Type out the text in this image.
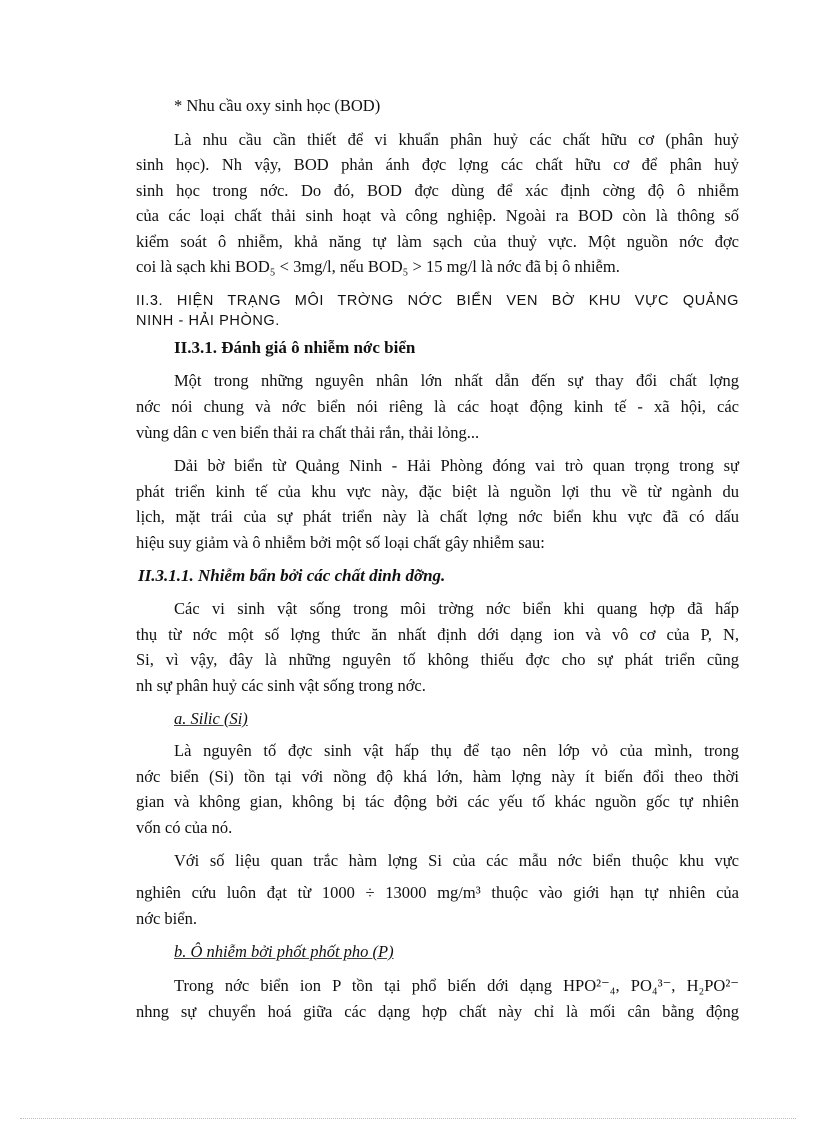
* Nhu cầu oxy sinh học (BOD)
Là nhu cầu cần thiết để vi khuẩn phân huỷ các chất hữu cơ (phân huỷ
sinh học). Nh vậy, BOD phản ánh đợc lợng các chất hữu cơ để phân huỷ
sinh học trong nớc. Do đó, BOD đợc dùng để xác định cờng độ ô nhiễm
của các loại chất thải sinh hoạt và công nghiệp. Ngoài ra BOD còn là thông số
kiểm soát ô nhiễm, khả năng tự làm sạch của thuỷ vực. Một nguồn nớc đợc
coi là sạch khi BOD₅ < 3mg/l, nếu BOD₅ > 15 mg/l là nớc đã bị ô nhiễm.
II.3. HIỆN TRẠNG MÔI TRỜNG NỚC BIỂN VEN BỜ KHU VỰC QUẢNG
NINH - HẢI PHÒNG.
II.3.1. Đánh giá ô nhiễm nớc biển
Một trong những nguyên nhân lớn nhất dẫn đến sự thay đổi chất lợng
nớc nói chung và nớc biển nói riêng là các hoạt động kinh tế - xã hội, các
vùng dân c ven biển thải ra chất thải rắn, thải lỏng...
Dải bờ biển từ Quảng Ninh - Hải Phòng đóng vai trò quan trọng trong sự
phát triển kinh tế của khu vực này, đặc biệt là nguồn lợi thu về từ ngành du
lịch, mặt trái của sự phát triển này là chất lợng nớc biển khu vực đã có dấu
hiệu suy giảm và ô nhiễm bởi một số loại chất gây nhiễm sau:
II.3.1.1. Nhiễm bẩn bởi các chất dinh dỡng.
Các vi sinh vật sống trong môi trờng nớc biển khi quang hợp đã hấp
thụ từ nớc một số lợng thức ăn nhất định dới dạng ion và vô cơ của P, N,
Si, vì vậy, đây là những nguyên tố không thiếu đợc cho sự phát triển cũng
nh sự phân huỷ các sinh vật sống trong nớc.
a. Silic (Si)
Là nguyên tố đợc sinh vật hấp thụ để tạo nên lớp vỏ của mình, trong
nớc biển (Si) tồn tại với nồng độ khá lớn, hàm lợng này ít biến đổi theo thời
gian và không gian, không bị tác động bởi các yếu tố khác nguồn gốc tự nhiên
vốn có của nó.
Với số liệu quan trắc hàm lợng Si của các mẫu nớc biển thuộc khu vực
nghiên cứu luôn đạt từ 1000 ÷ 13000 mg/m³ thuộc vào giới hạn tự nhiên của
nớc biển.
b. Ô nhiễm bởi phốt phốt pho (P)
Trong nớc biển ion P tồn tại phổ biến dới dạng HPO²⁻₄, PO₄³⁻, H₂PO²⁻
nhng sự chuyển hoá giữa các dạng hợp chất này chỉ là mối cân bằng động
